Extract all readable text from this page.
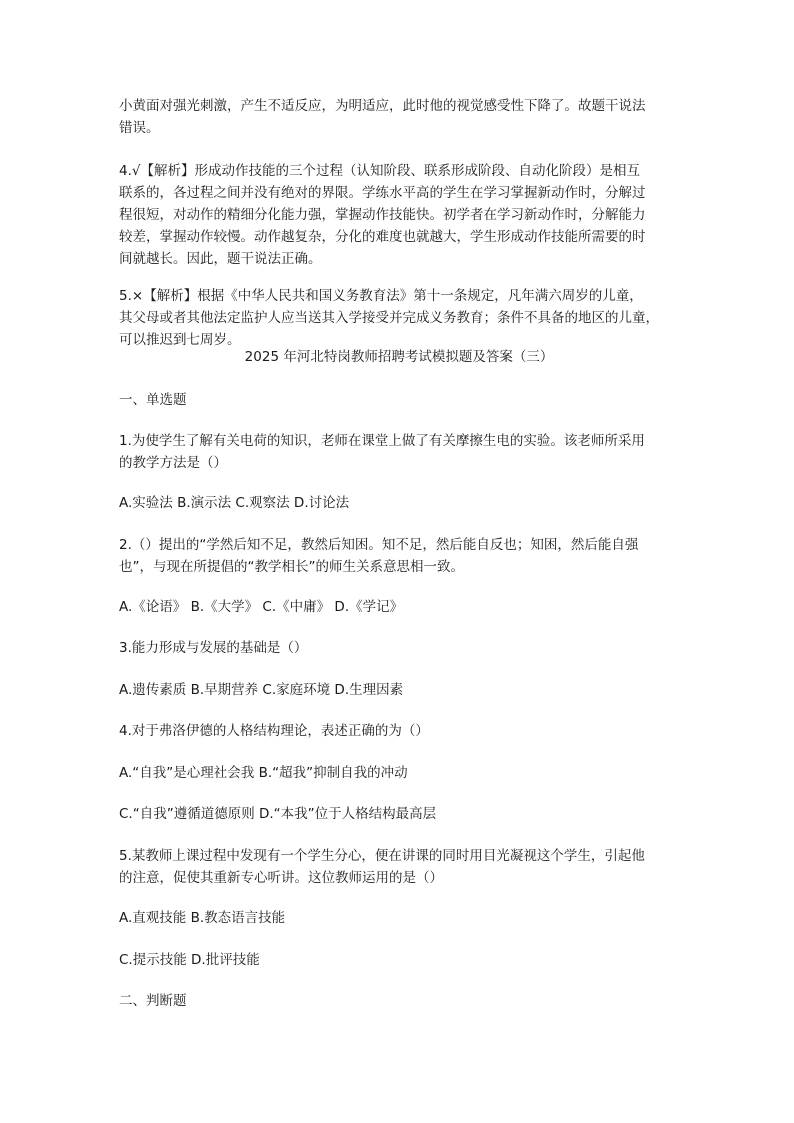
小黄面对强光刺激，产生不适反应，为明适应，此时他的视觉感受性下降了。故题干说法
错误。

4.√【解析】形成动作技能的三个过程（认知阶段、联系形成阶段、自动化阶段）是相互
联系的，各过程之间并没有绝对的界限。学练水平高的学生在学习掌握新动作时，分解过
程很短，对动作的精细分化能力强，掌握动作技能快。初学者在学习新动作时，分解能力
较差，掌握动作较慢。动作越复杂，分化的难度也就越大，学生形成动作技能所需要的时
间就越长。因此，题干说法正确。

5.×【解析】根据《中华人民共和国义务教育法》第十一条规定，凡年满六周岁的儿童，
其父母或者其他法定监护人应当送其入学接受并完成义务教育；条件不具备的地区的儿童，
可以推迟到七周岁。

2025 年河北特岗教师招聘考试模拟题及答案（三）

一、单选题

1.为使学生了解有关电荷的知识，老师在课堂上做了有关摩擦生电的实验。该老师所采用
的教学方法是（）

A.实验法 B.演示法 C.观察法 D.讨论法

2.（）提出的“学然后知不足，教然后知困。知不足，然后能自反也；知困，然后能自强
也”，与现在所提倡的“教学相长”的师生关系意思相一致。

A.《论语》 B.《大学》 C.《中庸》 D.《学记》

3.能力形成与发展的基础是（）

A.遗传素质 B.早期营养 C.家庭环境 D.生理因素

4.对于弗洛伊德的人格结构理论，表述正确的为（）

A.“自我”是心理社会我 B.“超我”抑制自我的冲动

C.“自我”遵循道德原则 D.“本我”位于人格结构最高层

5.某教师上课过程中发现有一个学生分心，便在讲课的同时用目光凝视这个学生，引起他
的注意，促使其重新专心听讲。这位教师运用的是（）

A.直观技能 B.教态语言技能

C.提示技能 D.批评技能

二、判断题
